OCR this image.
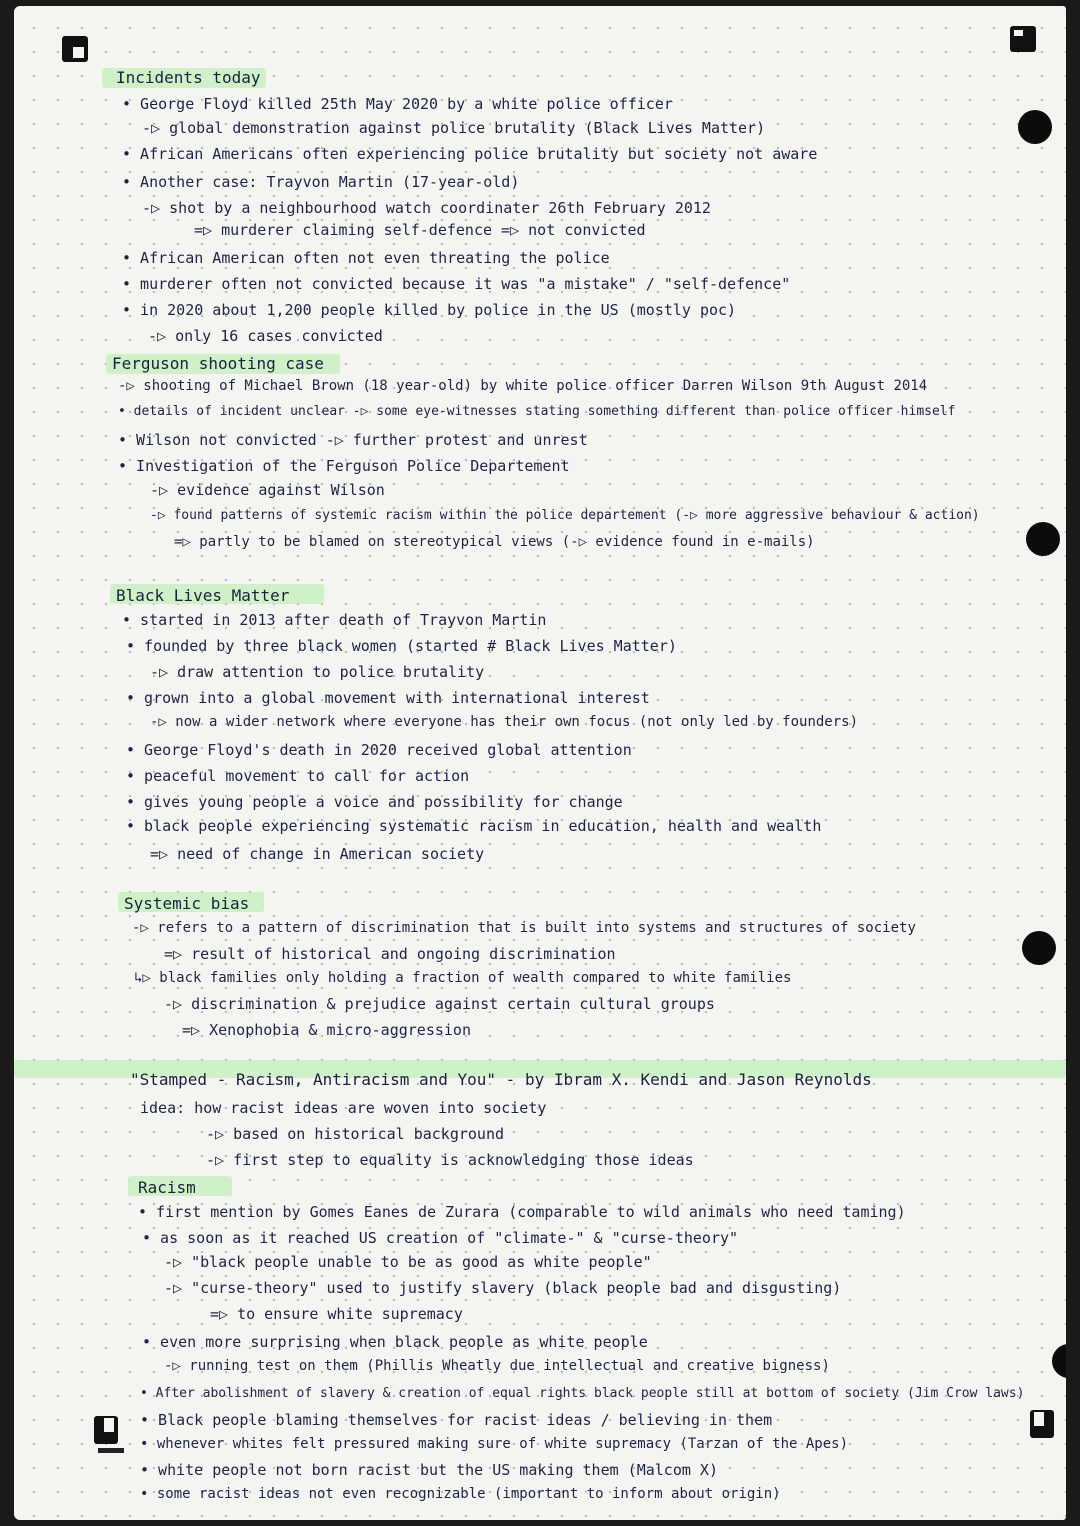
Incidents today
• George Floyd killed 25th May 2020 by a white police officer
-▷ global demonstration against police brutality (Black Lives Matter)
• African Americans often experiencing police brutality but society not aware
• Another case: Trayvon Martin (17-year-old)
-▷ shot by a neighbourhood watch coordinater 26th February 2012
=▷ murderer claiming self-defence =▷ not convicted
• African American often not even threating the police
• murderer often not convicted because it was "a mistake" / "self-defence"
• in 2020 about 1,200 people killed by police in the US (mostly poc)
-▷ only 16 cases convicted
Ferguson shooting case
-▷ shooting of Michael Brown (18 year-old) by white police officer Darren Wilson 9th August 2014
• details of incident unclear -▷ some eye-witnesses stating something different than police officer himself
• Wilson not convicted -▷ further protest and unrest
• Investigation of the Ferguson Police Departement
-▷ evidence against Wilson
-▷ found patterns of systemic racism within the police departement (-▷ more aggressive behaviour & action)
=▷ partly to be blamed on stereotypical views (-▷ evidence found in e-mails)
Black Lives Matter
• started in 2013 after death of Trayvon Martin
• founded by three black women (started # Black Lives Matter)
-▷ draw attention to police brutality
• grown into a global movement with international interest
-▷ now a wider network where everyone has their own focus (not only led by founders)
• George Floyd's death in 2020 received global attention
• peaceful movement to call for action
• gives young people a voice and possibility for change
• black people experiencing systematic racism in education, health and wealth
=▷ need of change in American society
Systemic bias
-▷ refers to a pattern of discrimination that is built into systems and structures of society
=▷ result of historical and ongoing discrimination
↳▷ black families only holding a fraction of wealth compared to white families
-▷ discrimination & prejudice against certain cultural groups
=▷ Xenophobia & micro-aggression
"Stamped - Racism, Antiracism and You" - by Ibram X. Kendi and Jason Reynolds
idea: how racist ideas are woven into society
-▷ based on historical background
-▷ first step to equality is acknowledging those ideas
Racism
• first mention by Gomes Eanes de Zurara (comparable to wild animals who need taming)
• as soon as it reached US creation of "climate-" & "curse-theory"
-▷ "black people unable to be as good as white people"
-▷ "curse-theory" used to justify slavery (black people bad and disgusting)
=▷ to ensure white supremacy
• even more surprising when black people as white people
-▷ running test on them (Phillis Wheatly due intellectual and creative bigness)
• After abolishment of slavery & creation of equal rights black people still at bottom of society (Jim Crow laws)
• Black people blaming themselves for racist ideas / believing in them
• whenever whites felt pressured making sure of white supremacy (Tarzan of the Apes)
• white people not born racist but the US making them (Malcom X)
• some racist ideas not even recognizable (important to inform about origin)
